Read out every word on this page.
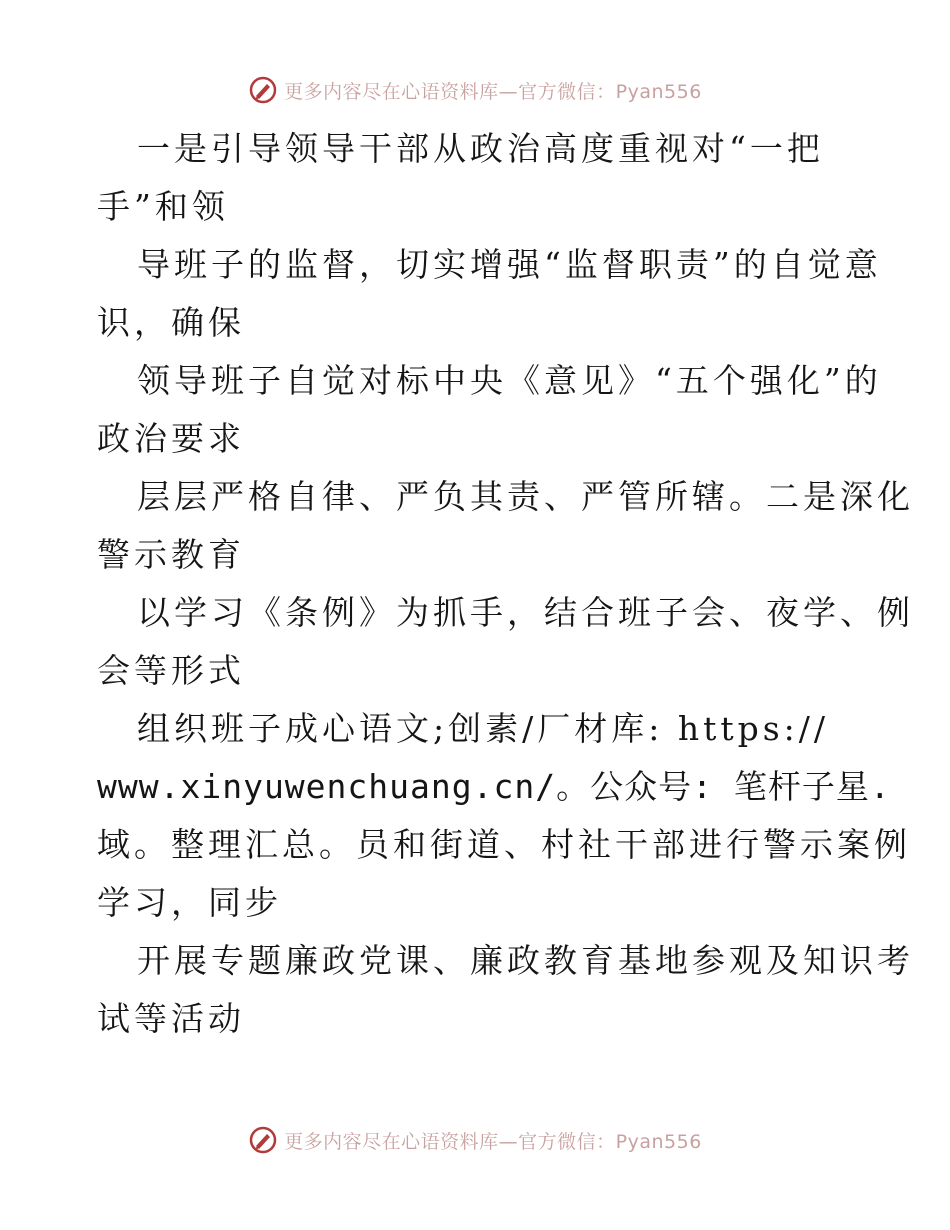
更多内容尽在心语资料库—官方微信：Pyan556
一是引导领导干部从政治高度重视对“一把
手”和领
导班子的监督，切实增强“监督职责”的自觉意
识，确保
领导班子自觉对标中央《意见》“五个强化”的
政治要求
层层严格自律、严负其责、严管所辖。二是深化
警示教育
以学习《条例》为抓手，结合班子会、夜学、例
会等形式
组织班子成心语文;创素/厂材库: https://
www.xinyuwenchuang.cn/。公众号: 笔杆子星.
域。整理汇总。员和街道、村社干部进行警示案例
学习，同步
开展专题廉政党课、廉政教育基地参观及知识考
试等活动
更多内容尽在心语资料库—官方微信：Pyan556
